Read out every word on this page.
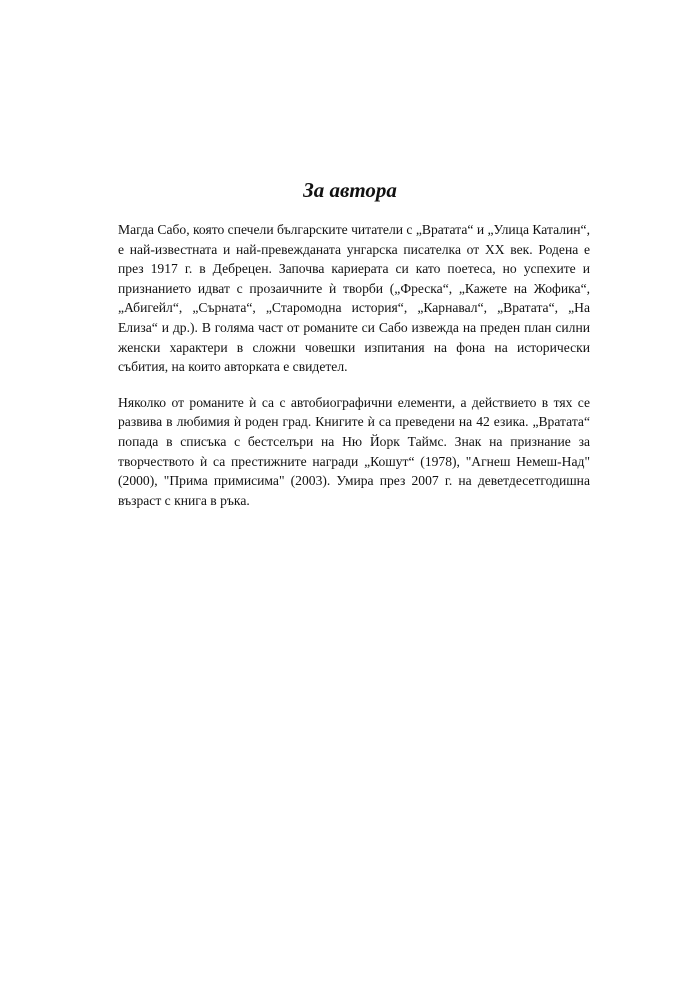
За автора

Магда Сабо, която спечели българските читатели с „Вратата“ и „Улица Каталин“, е най-известната и най-превежданата унгарска писателка от XX век. Родена е през 1917 г. в Дебрецен. Започва кариерата си като поетеса, но успехите и признанието идват с прозаичните ѝ творби („Фреска“, „Кажете на Жофика“, „Абигейл“, „Сърната“, „Старомодна история“, „Карнавал“, „Вратата“, „На Елиза“ и др.). В голяма част от романите си Сабо извежда на преден план силни женски характери в сложни човешки изпитания на фона на исторически събития, на които авторката е свидетел.

Няколко от романите ѝ са с автобиографични елементи, а действието в тях се развива в любимия ѝ роден град. Книгите ѝ са преведени на 42 езика. „Вратата“ попада в списъка с бестселъри на Ню Йорк Таймс. Знак на признание за творчеството ѝ са престижните награди „Кошут“ (1978), "Агнеш Немеш-Над" (2000), "Прима примисима" (2003). Умира през 2007 г. на деветдесетгодишна възраст с книга в ръка.
